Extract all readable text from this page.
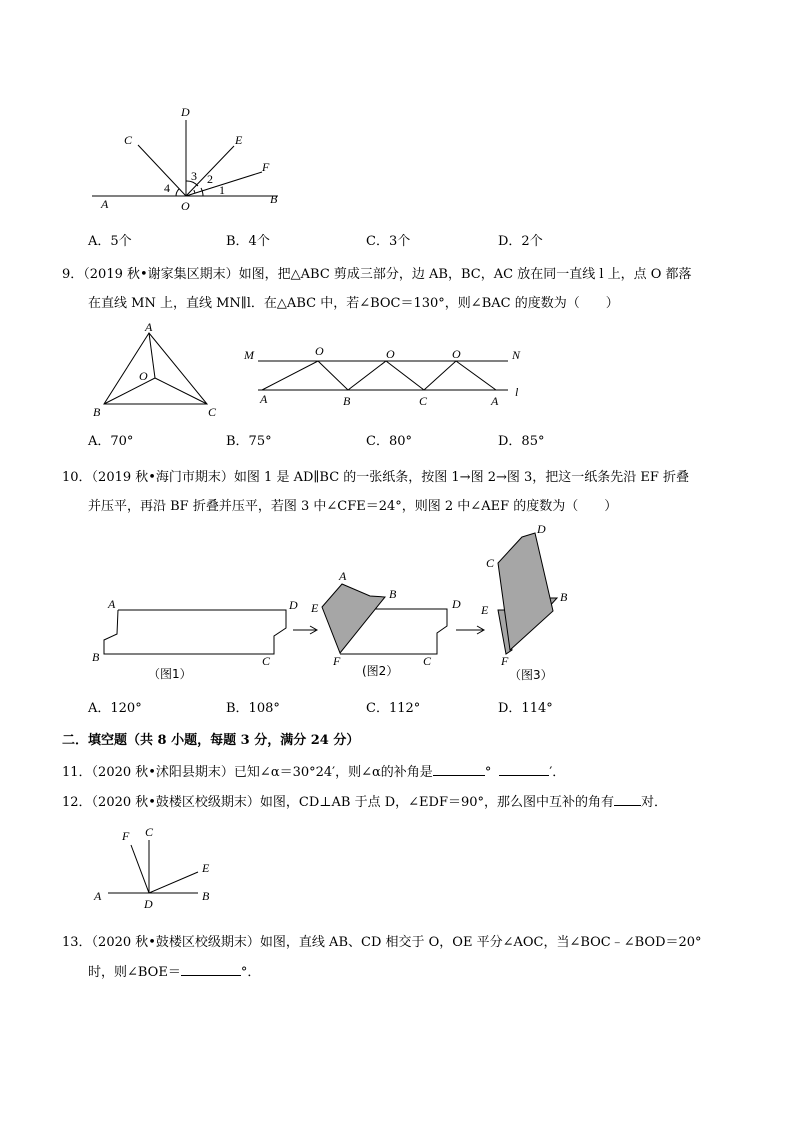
C
D
E
F
B
A	O
1
2
3
4
A．5个	B．4个	C．3个	D．2个
9．（2019 秋•谢家集区期末）如图，把△ABC 剪成三部分，边 AB，BC，AC 放在同一直线 l 上，点 O 都落
在直线 MN 上，直线 MN∥l．在△ABC 中，若∠BOC＝130°，则∠BAC 的度数为（　　）
A
O
B	C
M	N
O	O	O
A	B	C	A
l
A．70°	B．75°	C．80°	D．85°
10．（2019 秋•海门市期末）如图 1 是 AD∥BC 的一张纸条，按图 1→图 2→图 3，把这一纸条先沿 EF 折叠
并压平，再沿 BF 折叠并压平，若图 3 中∠CFE＝24°，则图 2 中∠AEF 的度数为（　　）
A	D
B	C
A
B
E	D
F	C
D
C
E
B
F
（图1）	(图2）	（图3）
A．120°	B．108°	C．112°	D．114°
二．填空题（共 8 小题，每题 3 分，满分 24 分）
11．（2020 秋•沭阳县期末）已知∠α＝30°24′，则∠α的补角是	°	′．
12．（2020 秋•鼓楼区校级期末）如图，CD⊥AB 于点 D，∠EDF＝90°，那么图中互补的角有 对．
F C
E
A
D
B
13．（2020 秋•鼓楼区校级期末）如图，直线 AB、CD 相交于 O，OE 平分∠AOC，当∠BOC﹣∠BOD＝20°
时，则∠BOE＝	°．
